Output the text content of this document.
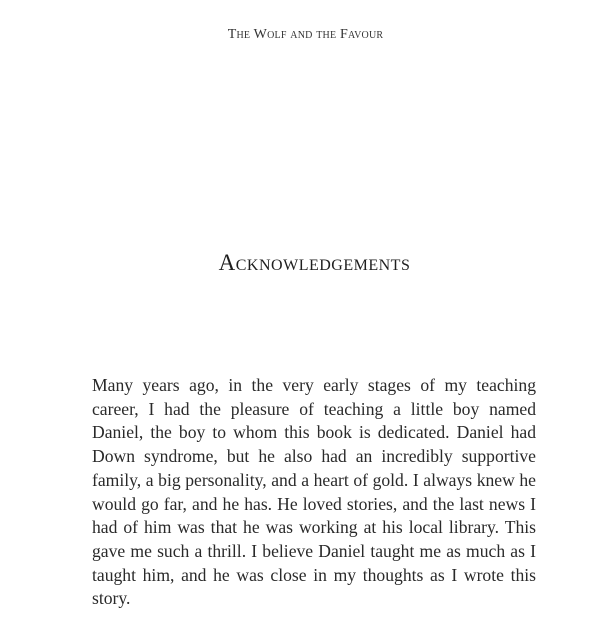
The Wolf and the Favour
Acknowledgements

Many years ago, in the very early stages of my teaching career, I had the pleasure of teaching a little boy named Daniel, the boy to whom this book is dedicated. Daniel had Down syndrome, but he also had an incredibly supportive family, a big personality, and a heart of gold. I always knew he would go far, and he has. He loved stories, and the last news I had of him was that he was working at his local library. This gave me such a thrill. I believe Daniel taught me as much as I taught him, and he was close in my thoughts as I wrote this story.
